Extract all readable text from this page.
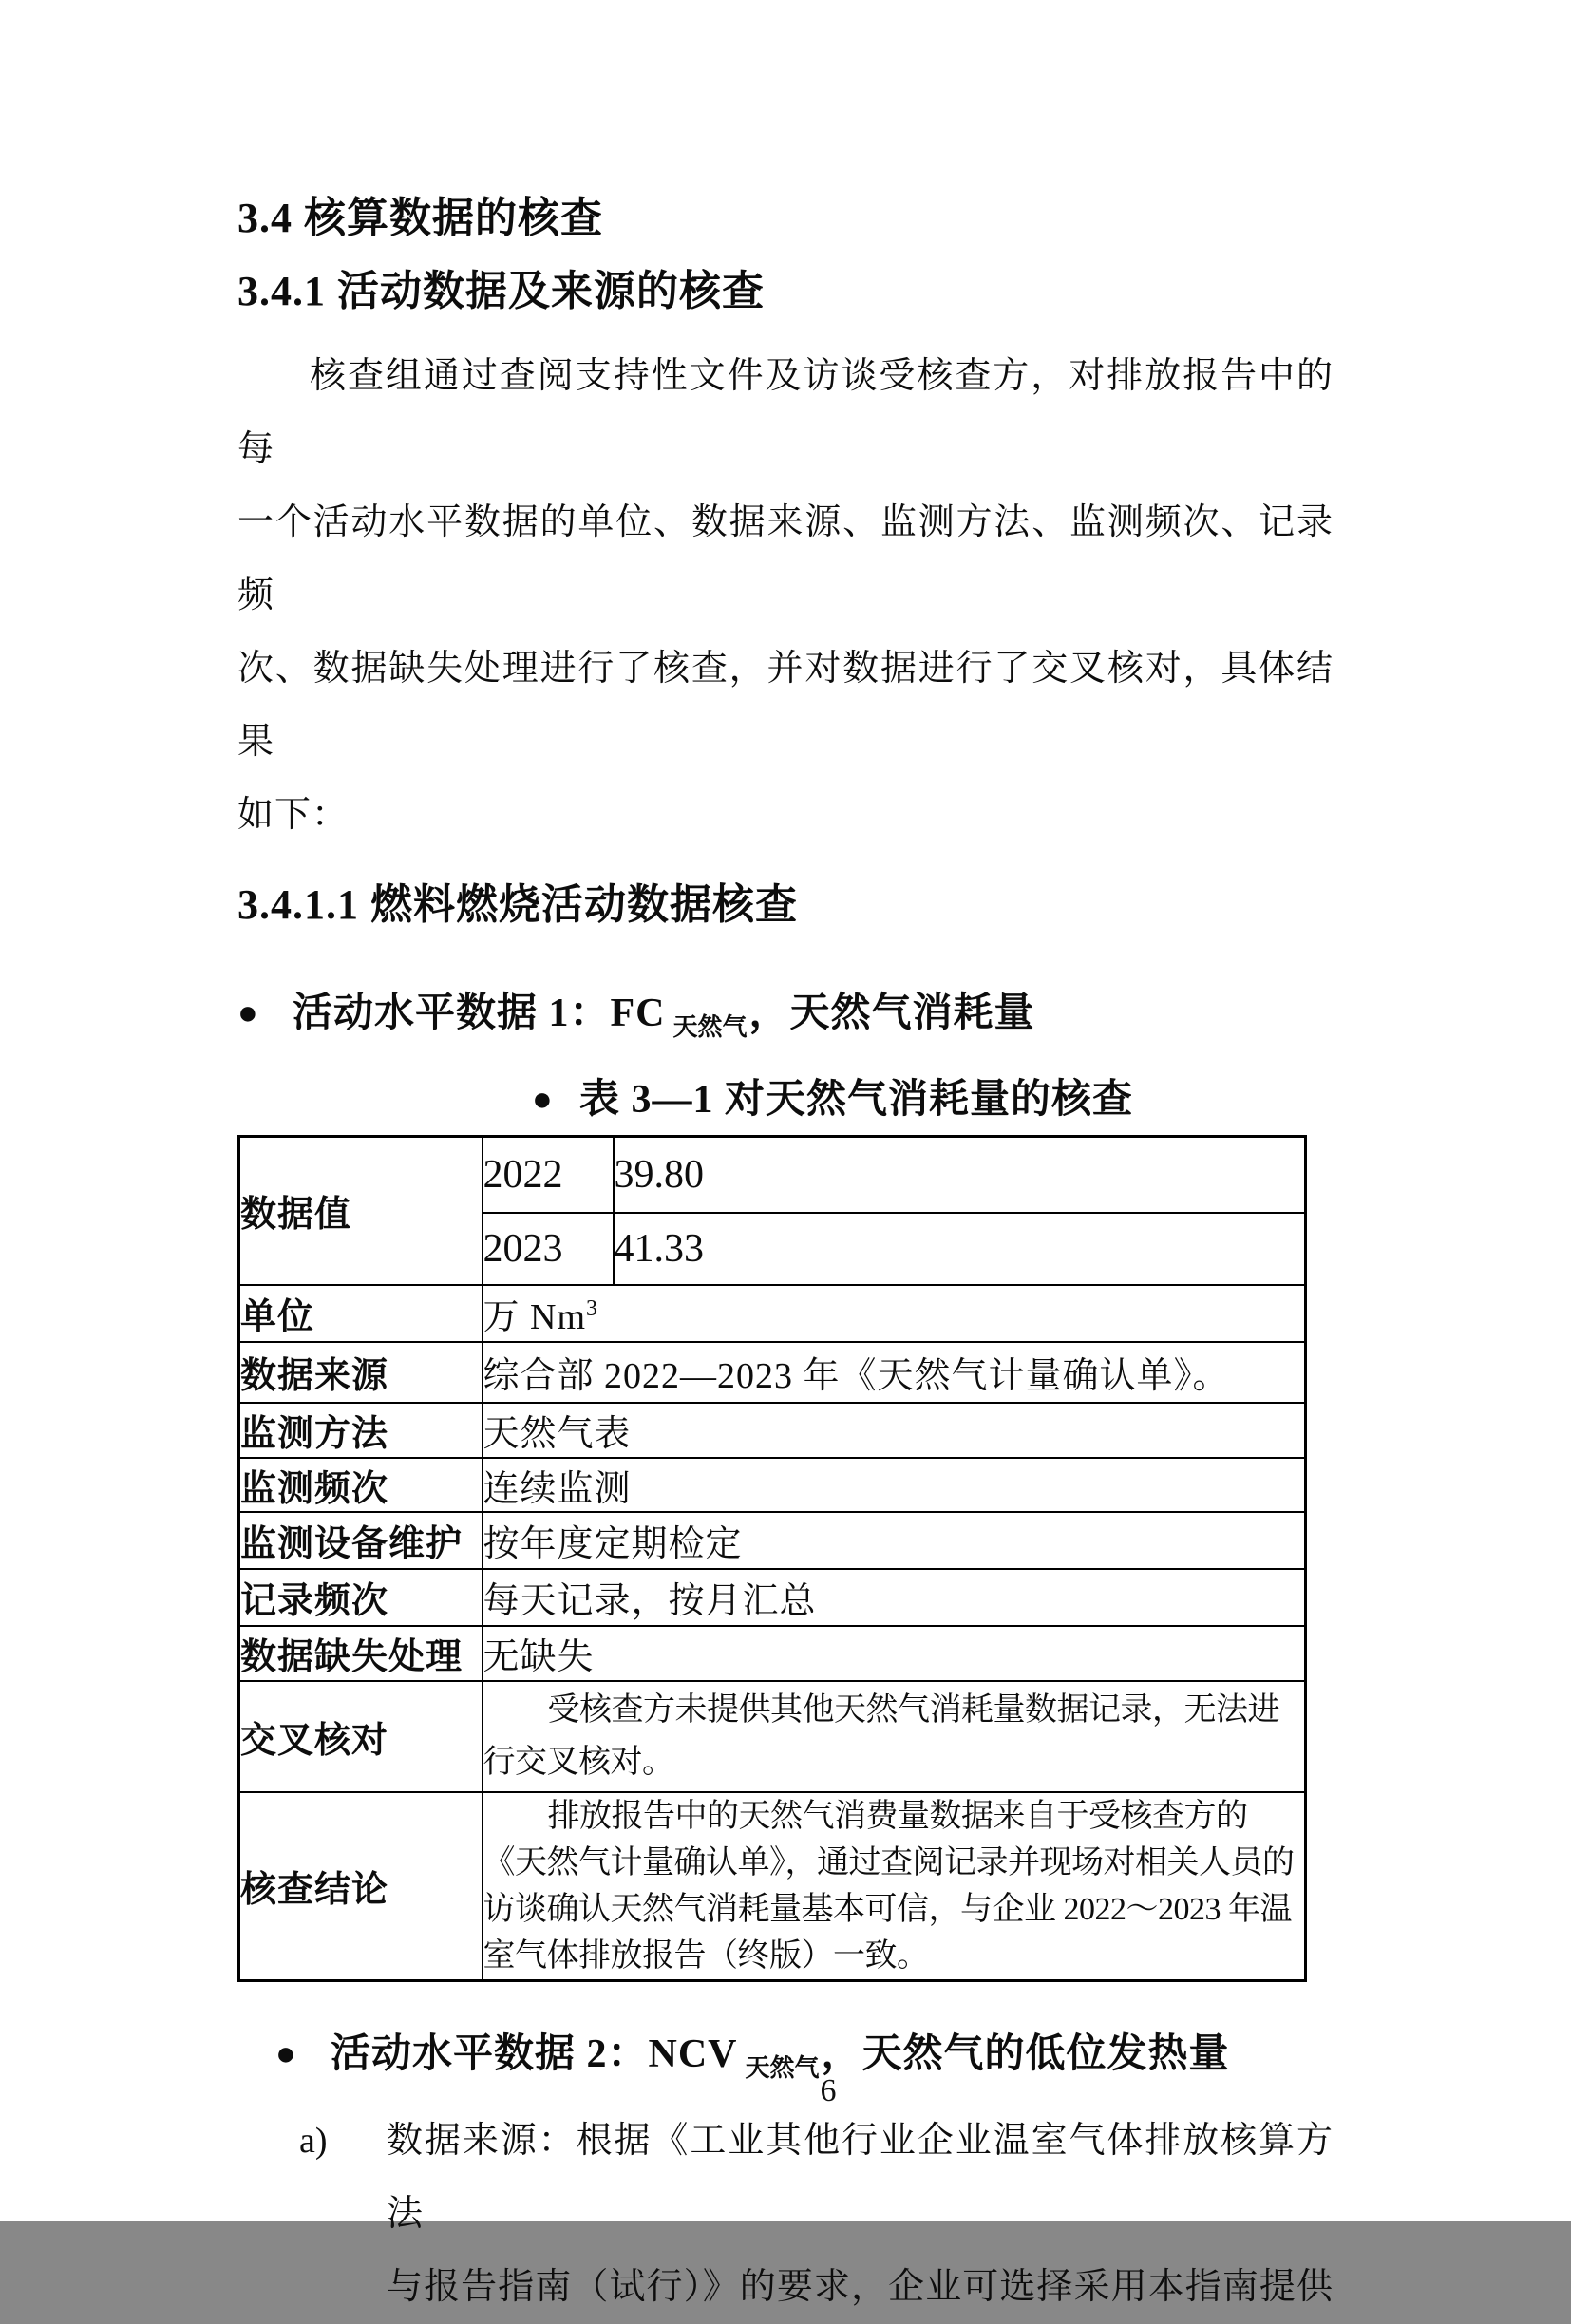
3.4 核算数据的核查
3.4.1 活动数据及来源的核查
核查组通过查阅支持性文件及访谈受核查方，对排放报告中的每
一个活动水平数据的单位、数据来源、监测方法、监测频次、记录频
次、数据缺失处理进行了核查，并对数据进行了交叉核对，具体结果
如下：
3.4.1.1 燃料燃烧活动数据核查
● 活动水平数据 1：FC $_{天然气}$，天然气消耗量
● 表 3—1 对天然气消耗量的核查
数据值	2022	39.80
	2023	41.33
单位	万 Nm$^3$
数据来源	综合部 2022—2023 年《天然气计量确认单》。	
监测方法	天然气表	
监测频次	连续监测	
监测设备维护	按年度定期检定	
记录频次	每天记录，按月汇总	
数据缺失处理	无缺失	
交叉核对	受核查方未提供其他天然气消耗量数据记录，无法进
行交叉核对。	

核查结论	排放报告中的天然气消费量数据来自于受核查方的
《天然气计量确认单》，通过查阅记录并现场对相关人员的
访谈确认天然气消耗量基本可信，与企业 2022～2023 年温
室气体排放报告（终版）一致。	
● 活动水平数据 2：NCV $_{天然气}$，天然气的低位发热量
a) 数据来源：根据《工业其他行业企业温室气体排放核算方法
与报告指南（试行）》的要求，企业可选择采用本指南提供
6
